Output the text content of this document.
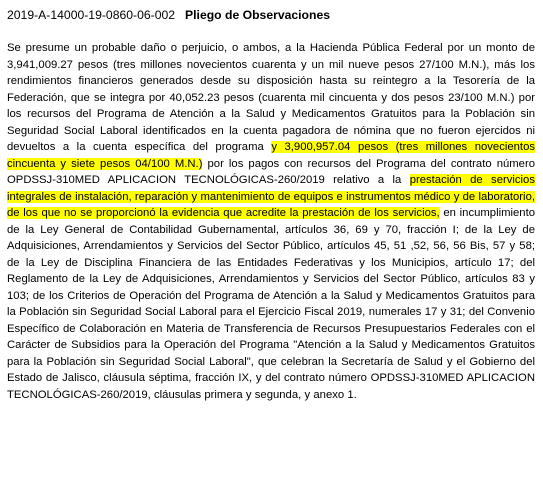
2019-A-14000-19-0860-06-002 Pliego de Observaciones

Se presume un probable daño o perjuicio, o ambos, a la Hacienda Pública Federal por un monto de 3,941,009.27 pesos (tres millones novecientos cuarenta y un mil nueve pesos 27/100 M.N.), más los rendimientos financieros generados desde su disposición hasta su reintegro a la Tesorería de la Federación, que se integra por 40,052.23 pesos (cuarenta mil cincuenta y dos pesos 23/100 M.N.) por los recursos del Programa de Atención a la Salud y Medicamentos Gratuitos para la Población sin Seguridad Social Laboral identificados en la cuenta pagadora de nómina que no fueron ejercidos ni devueltos a la cuenta específica del programa y 3,900,957.04 pesos (tres millones novecientos cincuenta y siete pesos 04/100 M.N.) por los pagos con recursos del Programa del contrato número OPDSSJ-310MED APLICACION TECNOLÓGICAS-260/2019 relativo a la prestación de servicios integrales de instalación, reparación y mantenimiento de equipos e instrumentos médico y de laboratorio, de los que no se proporcionó la evidencia que acredite la prestación de los servicios, en incumplimiento de la Ley General de Contabilidad Gubernamental, artículos 36, 69 y 70, fracción I; de la Ley de Adquisiciones, Arrendamientos y Servicios del Sector Público, artículos 45, 51 ,52, 56, 56 Bis, 57 y 58; de la Ley de Disciplina Financiera de las Entidades Federativas y los Municipios, artículo 17; del Reglamento de la Ley de Adquisiciones, Arrendamientos y Servicios del Sector Público, artículos 83 y 103; de los Criterios de Operación del Programa de Atención a la Salud y Medicamentos Gratuitos para la Población sin Seguridad Social Laboral para el Ejercicio Fiscal 2019, numerales 17 y 31; del Convenio Específico de Colaboración en Materia de Transferencia de Recursos Presupuestarios Federales con el Carácter de Subsidios para la Operación del Programa "Atención a la Salud y Medicamentos Gratuitos para la Población sin Seguridad Social Laboral", que celebran la Secretaría de Salud y el Gobierno del Estado de Jalisco, cláusula séptima, fracción IX, y del contrato número OPDSSJ-310MED APLICACION TECNOLÓGICAS-260/2019, cláusulas primera y segunda, y anexo 1.
